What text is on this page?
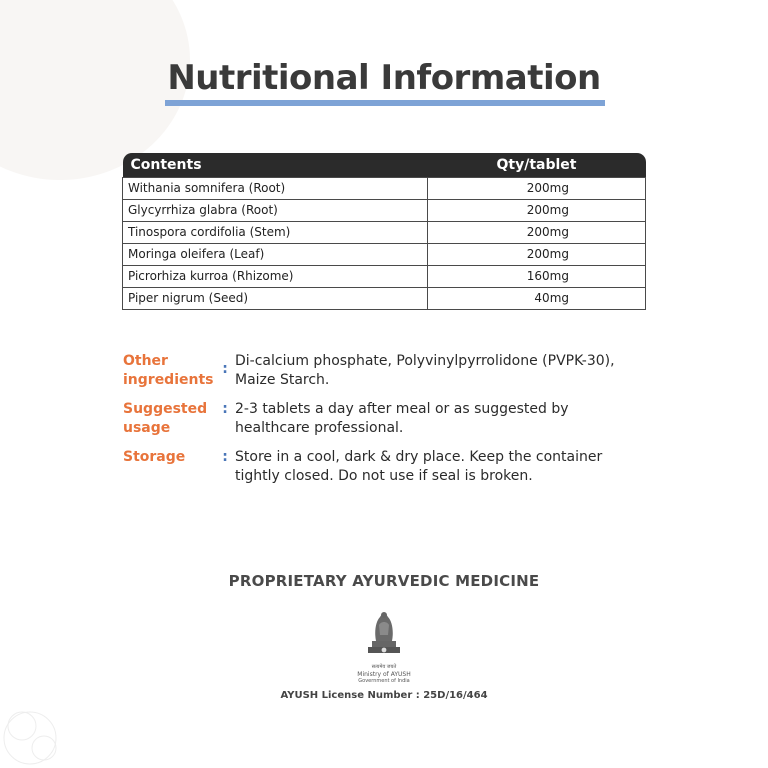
Nutritional Information
Contents	Qty/tablet
Withania somnifera (Root)	200mg
Glycyrrhiza glabra (Root)	200mg
Tinospora cordifolia (Stem)	200mg
Moringa oleifera (Leaf)	200mg
Picrorhiza kurroa (Rhizome)	160mg
Piper nigrum (Seed)	40mg
Other
ingredients
: Di-calcium phosphate, Polyvinylpyrrolidone (PVPK-30),
Maize Starch.
Suggested
usage
: 2-3 tablets a day after meal or as suggested by
healthcare professional.
Storage	: Store in a cool, dark & dry place. Keep the container
tightly closed. Do not use if seal is broken.
PROPRIETARY AYURVEDIC MEDICINE
सत्यमेव जयते
Ministry of AYUSH
Government of India
AYUSH License Number : 25D/16/464
